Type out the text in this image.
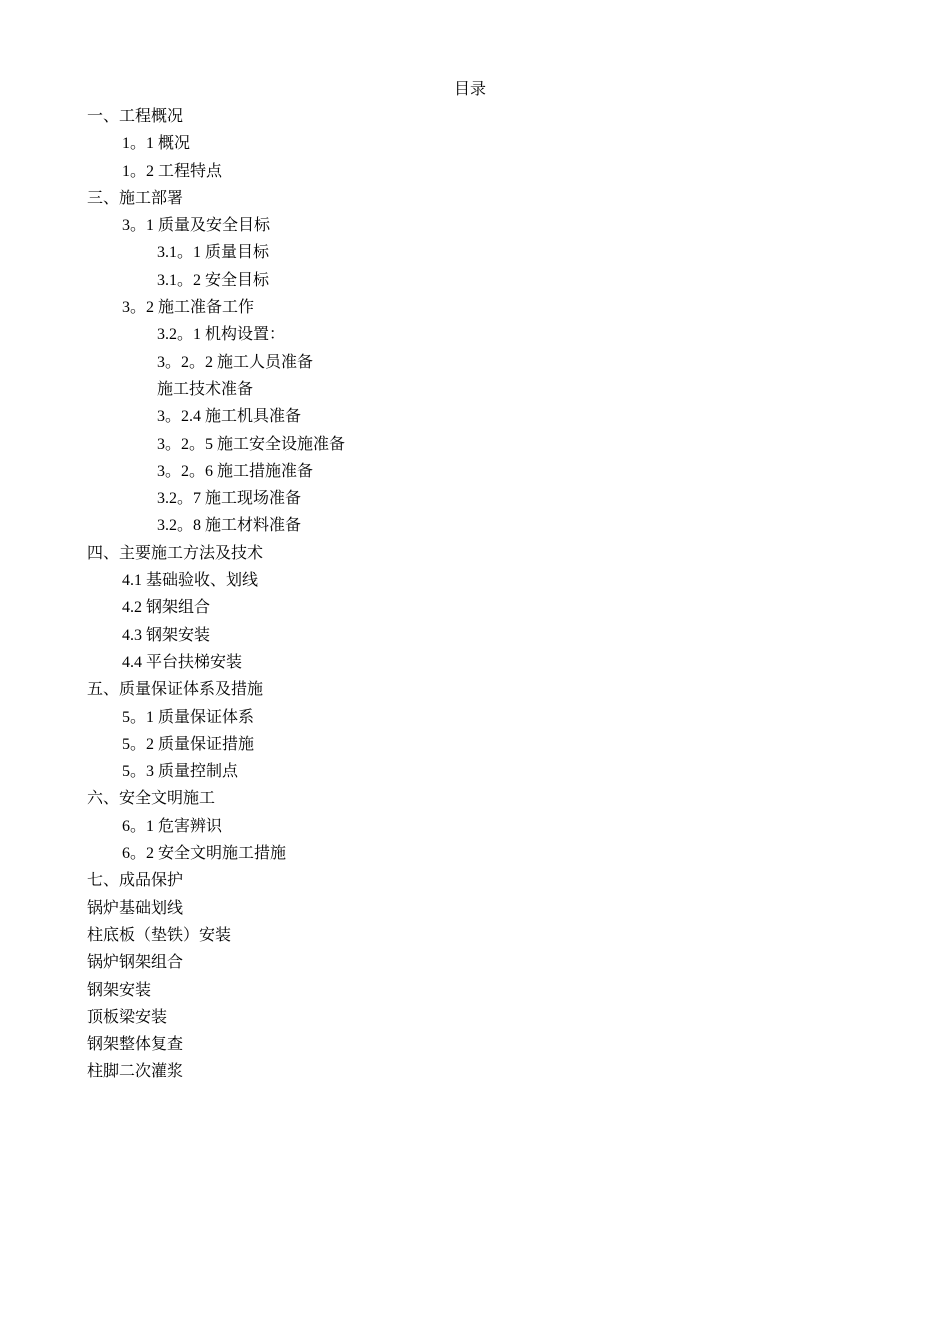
目录
一、工程概况
1。1 概况
1。2 工程特点
三、施工部署
3。1 质量及安全目标
3.1。1 质量目标
3.1。2 安全目标
3。2 施工准备工作
3.2。1 机构设置：
3。2。2 施工人员准备
施工技术准备
3。2.4 施工机具准备
3。2。5 施工安全设施准备
3。2。6 施工措施准备
3.2。7 施工现场准备
3.2。8 施工材料准备
四、主要施工方法及技术
4.1 基础验收、划线
4.2 钢架组合
4.3 钢架安装
4.4 平台扶梯安装
五、质量保证体系及措施
5。1 质量保证体系
5。2 质量保证措施
5。3 质量控制点
六、安全文明施工
6。1 危害辨识
6。2 安全文明施工措施
七、成品保护
锅炉基础划线
柱底板（垫铁）安装
锅炉钢架组合
钢架安装
顶板梁安装
钢架整体复查
柱脚二次灌浆
